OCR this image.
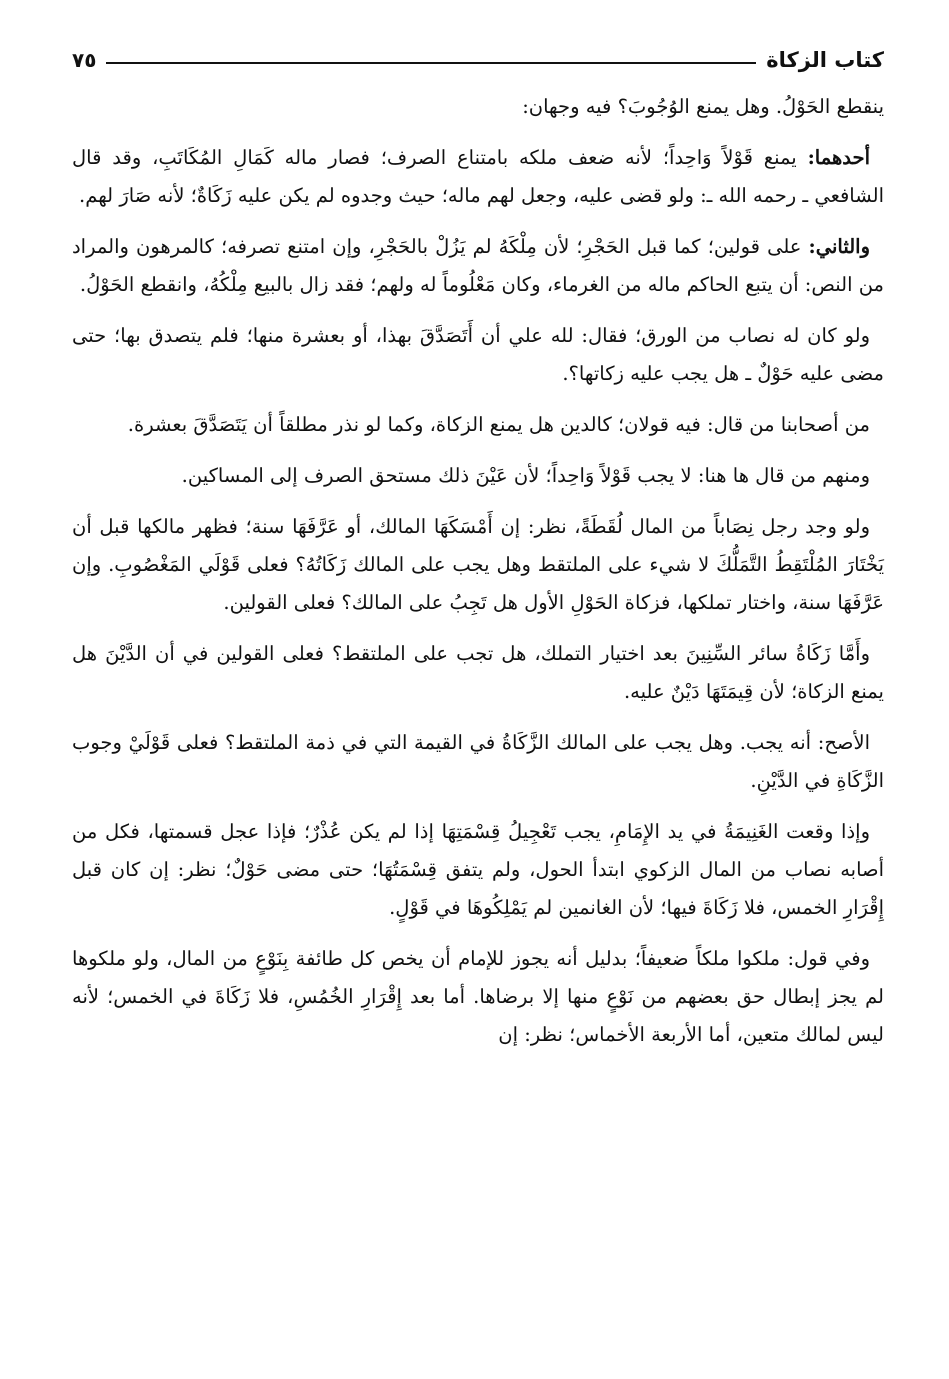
كتاب الزكاة
٧٥

ينقطع الحَوْلُ. وهل يمنع الوُجُوبَ؟ فيه وجهان:

أحدهما: يمنع قَوْلاً وَاحِداً؛ لأنه ضعف ملكه بامتناع الصرف؛ فصار ماله كَمَالِ المُكَاتَبِ، وقد قال الشافعي ـ رحمه الله ـ: ولو قضى عليه، وجعل لهم ماله؛ حيث وجدوه لم يكن عليه زَكَاةٌ؛ لأنه صَارَ لهم.

والثاني: على قولين؛ كما قبل الحَجْرِ؛ لأن مِلْكَهُ لم يَزُلْ بالحَجْرِ، وإن امتنع تصرفه؛ كالمرهون والمراد من النص: أن يتبع الحاكم ماله من الغرماء، وكان مَعْلُوماً له ولهم؛ فقد زال بالبيع مِلْكُهُ، وانقطع الحَوْلُ.

ولو كان له نصاب من الورق؛ فقال: لله علي أن أَتَصَدَّقَ بهذا، أو بعشرة منها؛ فلم يتصدق بها؛ حتى مضى عليه حَوْلٌ ـ هل يجب عليه زكاتها؟.

من أصحابنا من قال: فيه قولان؛ كالدين هل يمنع الزكاة، وكما لو نذر مطلقاً أن يَتَصَدَّقَ بعشرة.

ومنهم من قال ها هنا: لا يجب قَوْلاً وَاحِداً؛ لأن عَيْنَ ذلك مستحق الصرف إلى المساكين.

ولو وجد رجل نِصَاباً من المال لُقَطَةً، نظر: إن أَمْسَكَهَا المالك، أو عَرَّفَهَا سنة؛ فظهر مالكها قبل أن يَخْتَارَ المُلْتَقِطُ التَّمَلُّكَ لا شيء على الملتقط وهل يجب على المالك زَكَاتُهُ؟ فعلى قَوْلَي المَغْصُوبِ. وإن عَرَّفَهَا سنة، واختار تملكها، فزكاة الحَوْلِ الأول هل تَجِبُ على المالك؟ فعلى القولين.

وأَمَّا زَكَاةُ سائر السِّنِينَ بعد اختيار التملك، هل تجب على الملتقط؟ فعلى القولين في أن الدَّيْنَ هل يمنع الزكاة؛ لأن قِيمَتَهَا دَيْنٌ عليه.

الأصح: أنه يجب. وهل يجب على المالك الزَّكَاةُ في القيمة التي في ذمة الملتقط؟ فعلى قَوْلَيْ وجوب الزَّكَاةِ في الدَّيْنِ.

وإذا وقعت الغَنِيمَةُ في يد الإِمَامِ، يجب تَعْجِيلُ قِسْمَتِهَا إذا لم يكن عُذْرٌ؛ فإذا عجل قسمتها، فكل من أصابه نصاب من المال الزكوي ابتدأ الحول، ولم يتفق قِسْمَتُهَا؛ حتى مضى حَوْلٌ؛ نظر: إن كان قبل إِقْرَارِ الخمس، فلا زَكَاةَ فيها؛ لأن الغانمين لم يَمْلِكُوهَا في قَوْلٍ.

وفي قول: ملكوا ملكاً ضعيفاً؛ بدليل أنه يجوز للإمام أن يخص كل طائفة بِنَوْعٍ من المال، ولو ملكوها لم يجز إبطال حق بعضهم من نَوْعٍ منها إلا برضاها. أما بعد إِقْرَارِ الخُمُسِ، فلا زَكَاةَ في الخمس؛ لأنه ليس لمالك متعين، أما الأربعة الأخماس؛ نظر: إن
